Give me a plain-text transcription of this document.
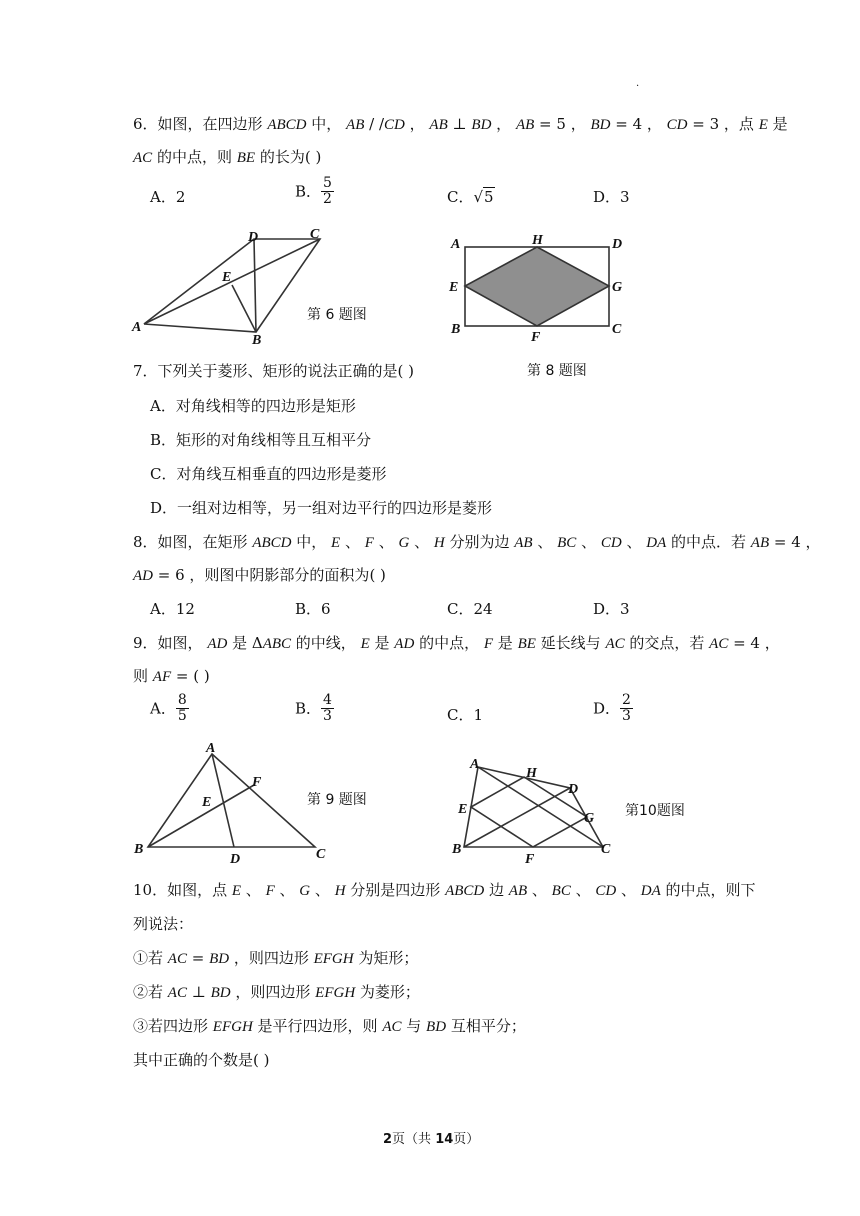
.
6．如图，在四边形 ABCD 中， AB / /CD ， AB ⊥ BD ， AB = 5 ， BD = 4 ， CD = 3 ，点 E 是
AC 的中点，则 BE 的长为( )
A．2	B． $\frac{5}{2}$	C．√5	D．3
A
B
C
D
E
第 6 题图
A	H	D
E	G
B
F
C
7．下列关于菱形、矩形的说法正确的是( )	第 8 题图
A．对角线相等的四边形是矩形
B．矩形的对角线相等且互相平分
C．对角线互相垂直的四边形是菱形
D．一组对边相等，另一组对边平行的四边形是菱形
8．如图，在矩形 ABCD 中， E 、 F 、 G 、 H 分别为边 AB 、 BC 、 CD 、 DA 的中点．若 AB = 4 ，
AD = 6 ，则图中阴影部分的面积为( )
A．12	B．6	C．24	D．3
9．如图， AD 是 ΔABC 的中线， E 是 AD 的中点， F 是 BE 延长线与 AC 的交点，若 AC = 4 ，
则 AF = ( )
A． $\frac{8}{5}$	B． $\frac{4}{3}$	C．1	D． $\frac{2}{3}$
A
B	C
D
E
F
第 9 题图
A
H
D
E
G
B
F
C
第10题图
10．如图，点 E 、 F 、 G 、 H 分别是四边形 ABCD 边 AB 、 BC 、 CD 、 DA 的中点，则下
列说法：
①若 AC = BD ，则四边形 EFGH 为矩形；
②若 AC ⊥ BD ，则四边形 EFGH 为菱形；
③若四边形 EFGH 是平行四边形，则 AC 与 BD 互相平分；
其中正确的个数是( )
2页（共 14页）
